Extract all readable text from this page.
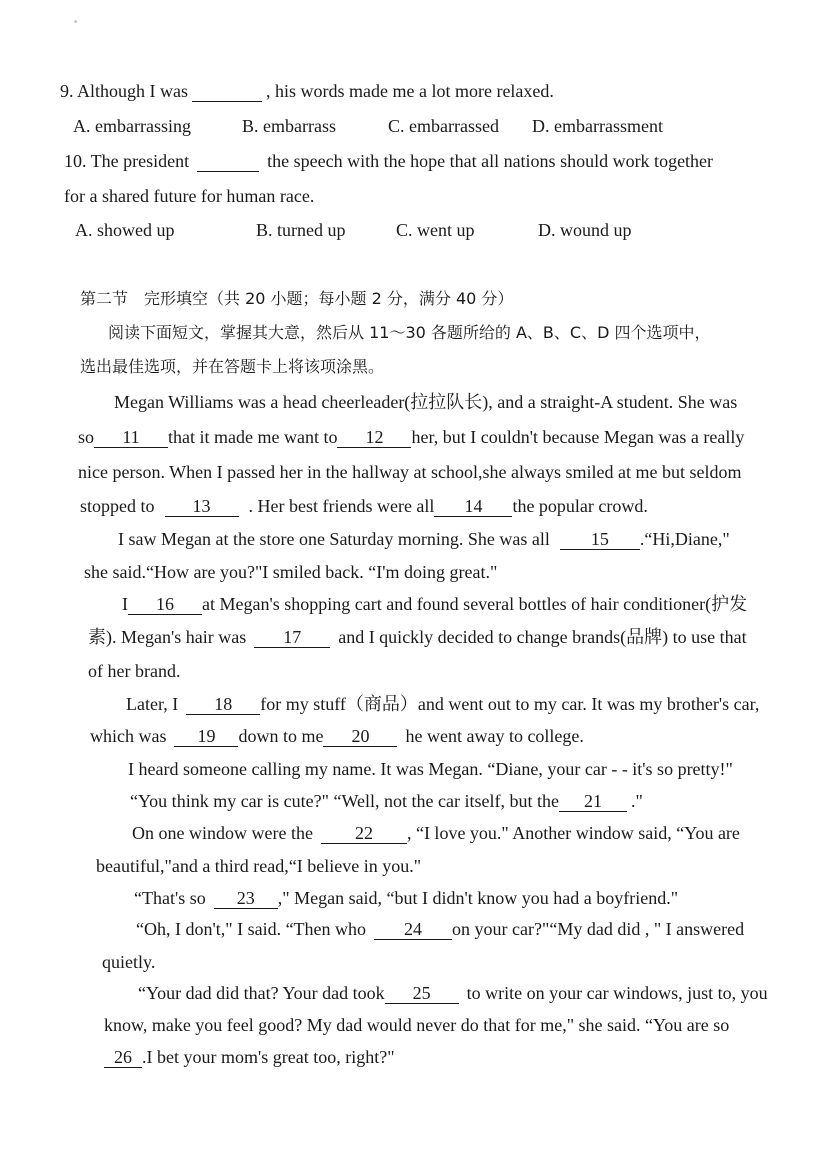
9. Although I was	, his words made me a lot more relaxed.
A. embarrassing	B. embarrass	C. embarrassed D. embarrassment
10. The president	the speech with the hope that all nations should work together
for a shared future for human race.
A. showed up	B. turned up	C. went up	D. wound up
第二节　完形填空（共 20 小题；每小题 2 分，满分 40 分）
阅读下面短文，掌握其大意，然后从 11～30 各题所给的 A、B、C、D 四个选项中，
选出最佳选项，并在答题卡上将该项涂黑。
Megan Williams was a head cheerleader(拉拉队长), and a straight-A student. She was
so 11 that it made me want to 12 her, but I couldn't because Megan was a really
nice person. When I passed her in the hallway at school,she always smiled at me but seldom
stopped to 13 . Her best friends were all 14 the popular crowd.
I saw Megan at the store one Saturday morning. She was all 15 .“Hi,Diane,"
she said.“How are you?"I smiled back. “I'm doing great."
I 16 at Megan's shopping cart and found several bottles of hair conditioner(护发
素). Megan's hair was 17 and I quickly decided to change brands(品牌) to use that
of her brand.
Later, I 18 for my stuff（商品）and went out to my car. It was my brother's car,
which was 19 down to me 20 he went away to college.
I heard someone calling my name. It was Megan. “Diane, your car - - it's so pretty!"
“You think my car is cute?" “Well, not the car itself, but the 21 ."
On one window were the 22 , “I love you." Another window said, “You are
beautiful,"and a third read,“I believe in you."
“That's so 23 ," Megan said, “but I didn't know you had a boyfriend."
“Oh, I don't," I said. “Then who 24 on your car?"“My dad did , " I answered
quietly.
“Your dad did that? Your dad took 25 to write on your car windows, just to, you
know, make you feel good? My dad would never do that for me," she said. “You are so
26 .I bet your mom's great too, right?"
